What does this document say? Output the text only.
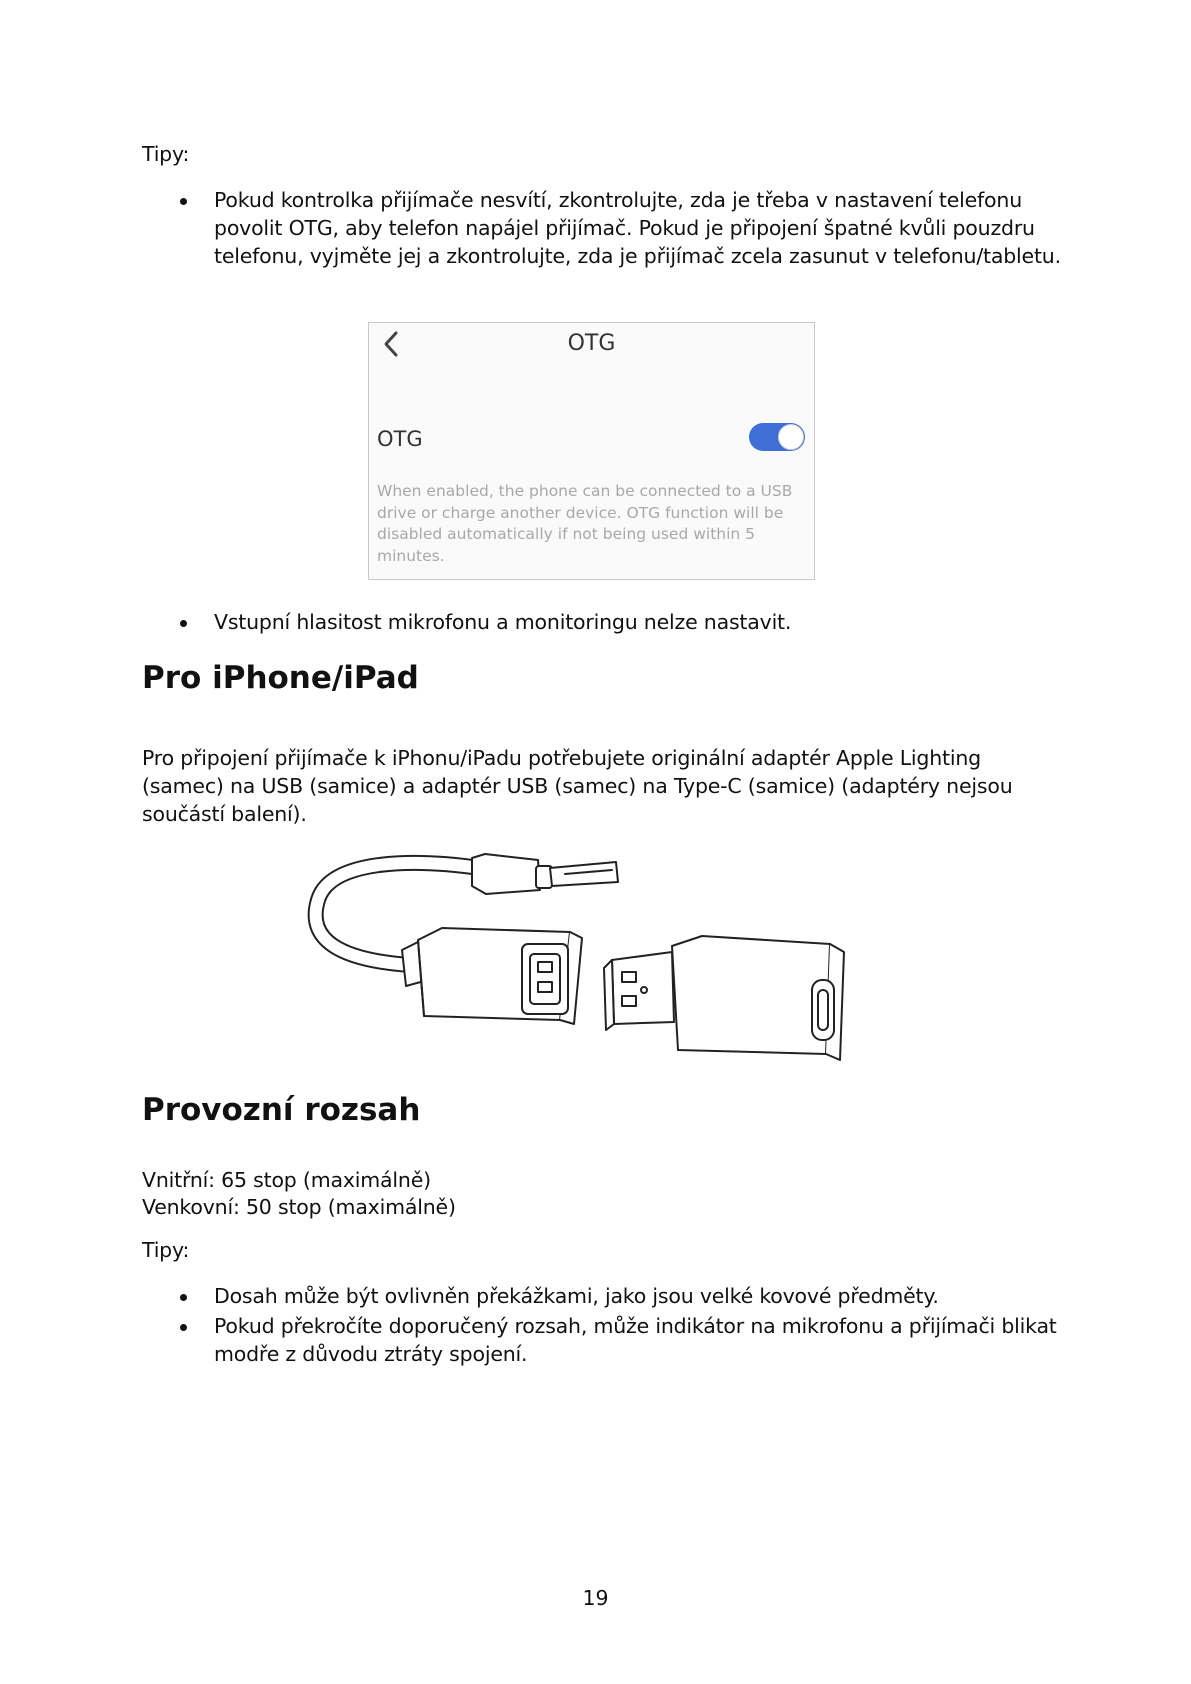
Tipy:
Pokud kontrolka přijímače nesvítí, zkontrolujte, zda je třeba v nastavení telefonu povolit OTG, aby telefon napájel přijímač. Pokud je připojení špatné kvůli pouzdru telefonu, vyjměte jej a zkontrolujte, zda je přijímač zcela zasunut v telefonu/tabletu.
OTG
OTG
When enabled, the phone can be connected to a USB drive or charge another device. OTG function will be disabled automatically if not being used within 5 minutes.
Vstupní hlasitost mikrofonu a monitoringu nelze nastavit.
Pro iPhone/iPad
Pro připojení přijímače k iPhonu/iPadu potřebujete originální adaptér Apple Lighting (samec) na USB (samice) a adaptér USB (samec) na Type-C (samice) (adaptéry nejsou součástí balení).
Provozní rozsah
Vnitřní: 65 stop (maximálně)
Venkovní: 50 stop (maximálně)
Tipy:
Dosah může být ovlivněn překážkami, jako jsou velké kovové předměty.
Pokud překročíte doporučený rozsah, může indikátor na mikrofonu a přijímači blikat modře z důvodu ztráty spojení.
19
